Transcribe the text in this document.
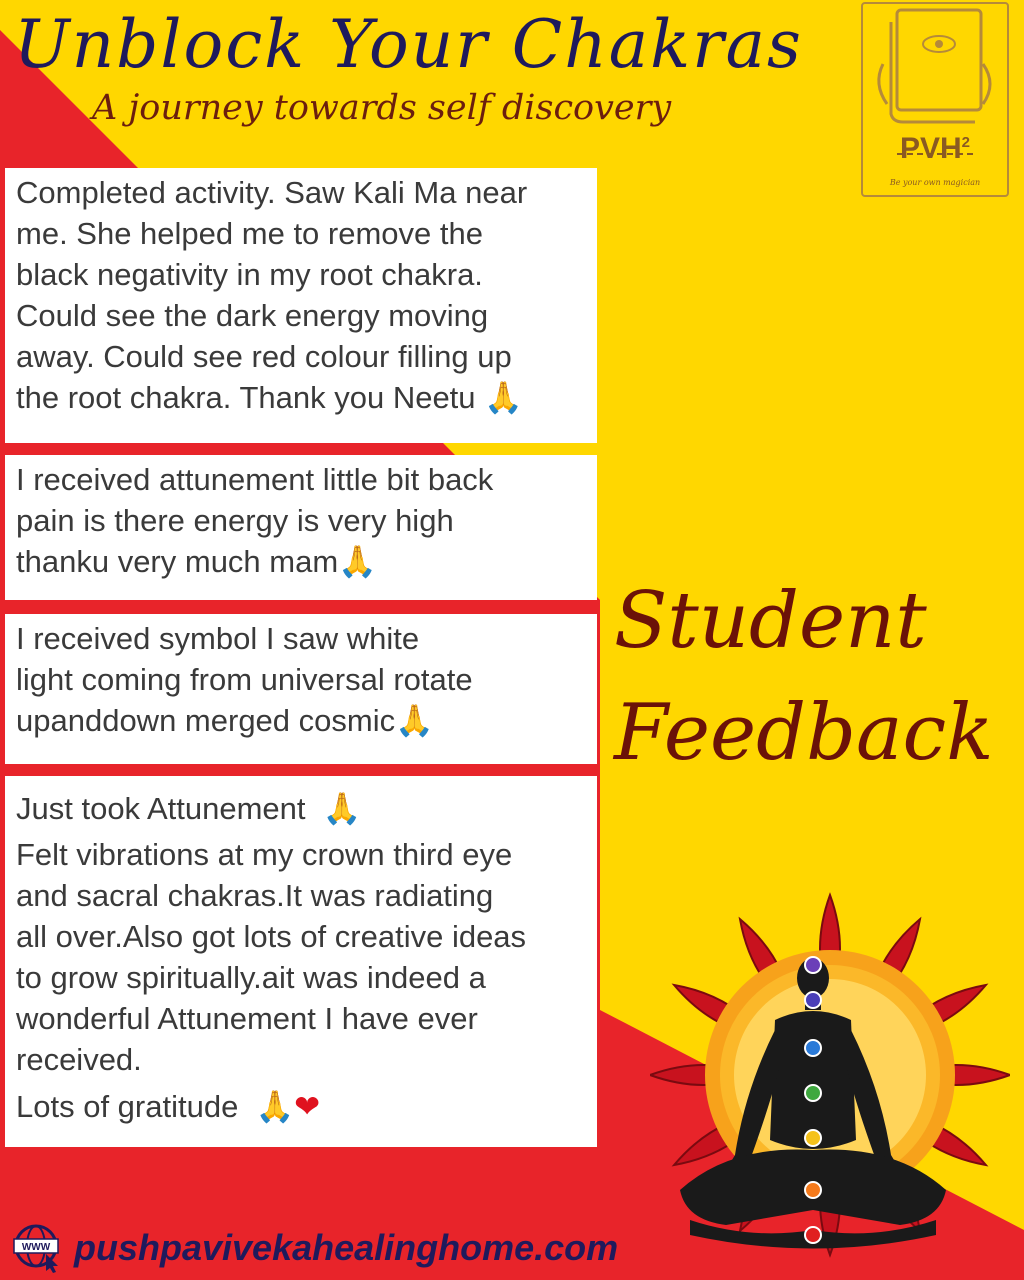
Unblock Your Chakras
A journey towards self discovery
PVH$^2$
Be your own magician

Completed activity. Saw Kali Ma near

me. She helped me to remove the

black negativity in my root chakra.

Could see the dark energy moving

away. Could see red colour filling up

the root chakra. Thank you Neetu 🙏

I received attunement little bit back

pain is there energy is very high

thanku very much mam🙏

I received symbol I saw white

light coming from universal rotate

upanddown merged cosmic🙏

Just took Attunement 🙏

Felt vibrations at my crown third eye

and sacral chakras.It was radiating

all over.Also got lots of creative ideas

to grow spiritually.ait was indeed a

wonderful Attunement I have ever

received.

Lots of gratitude 🙏❤

Student
Feedback
WWW pushpavivekahealinghome.com
